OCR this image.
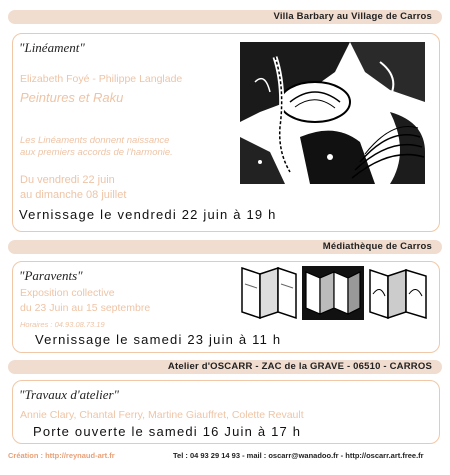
Villa Barbary au Village de Carros
"Linéament"
Elizabeth Foyé - Philippe Langlade
Peintures et Raku
Les Linéaments donnent naissance
aux premiers accords de l'harmonie.
Du vendredi 22 juin
au dimanche 08 juillet
Vernissage le vendredi 22 juin à 19 h
Médiathèque de Carros
"Paravents"
Exposition collective
du 23 Juin au 15 septembre
Horaires : 04.93.08.73.19
Vernissage le samedi 23 juin à 11 h
Atelier d'OSCARR - ZAC de la GRAVE - 06510 - CARROS
"Travaux d'atelier"
Annie Clary, Chantal Ferry, Martine Giauffret, Colette Revault
Porte ouverte le samedi 16 Juin à 17 h
Création : http://reynaud-art.fr	Tel : 04 93 29 14 93 - mail : oscarr@wanadoo.fr - http://oscarr.art.free.fr
